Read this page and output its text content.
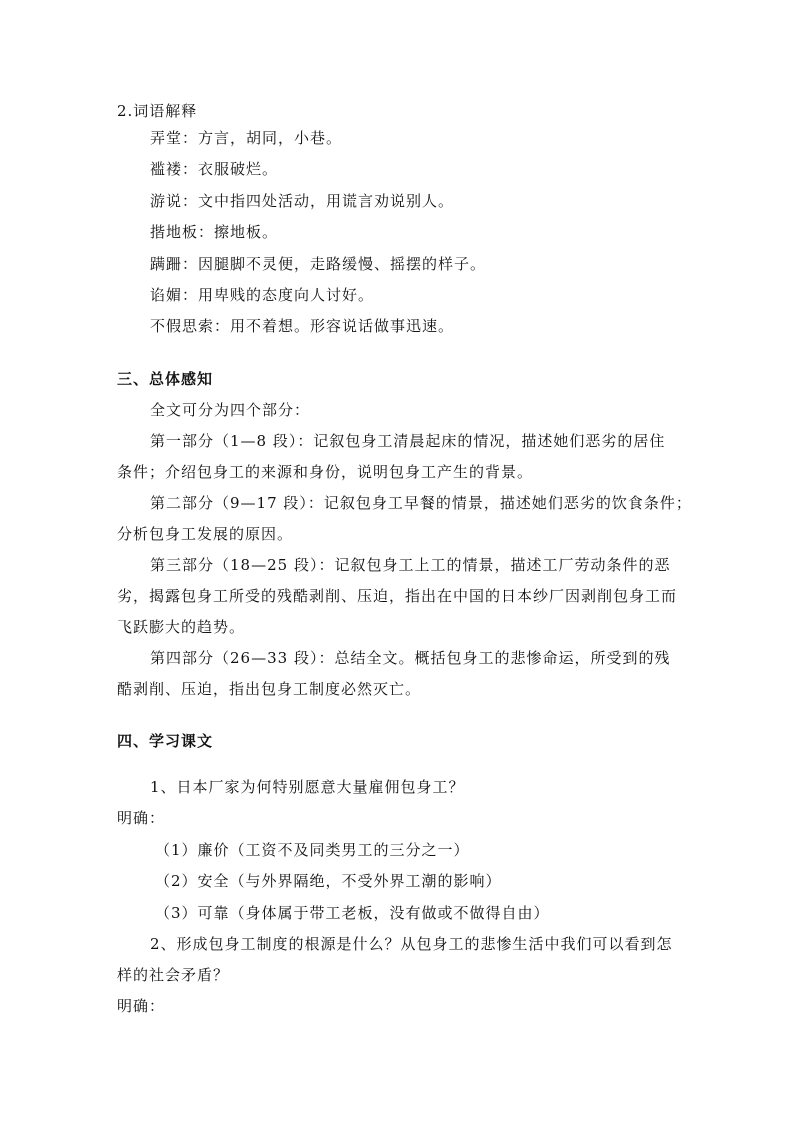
2.词语解释
弄堂：方言，胡同，小巷。
褴褛：衣服破烂。
游说：文中指四处活动，用谎言劝说别人。
揩地板：擦地板。
蹒跚：因腿脚不灵便，走路缓慢、摇摆的样子。
谄媚：用卑贱的态度向人讨好。
不假思索：用不着想。形容说话做事迅速。
三、总体感知
全文可分为四个部分：
第一部分（1—8 段）：记叙包身工清晨起床的情况，描述她们恶劣的居住
条件；介绍包身工的来源和身份，说明包身工产生的背景。
第二部分（9—17 段）：记叙包身工早餐的情景，描述她们恶劣的饮食条件；
分析包身工发展的原因。
第三部分（18—25 段）：记叙包身工上工的情景，描述工厂劳动条件的恶
劣，揭露包身工所受的残酷剥削、压迫，指出在中国的日本纱厂因剥削包身工而
飞跃膨大的趋势。
第四部分（26—33 段）：总结全文。概括包身工的悲惨命运，所受到的残
酷剥削、压迫，指出包身工制度必然灭亡。
四、学习课文
1、日本厂家为何特别愿意大量雇佣包身工？
明确：
（1）廉价（工资不及同类男工的三分之一）
（2）安全（与外界隔绝，不受外界工潮的影响）
（3）可靠（身体属于带工老板，没有做或不做得自由）
2、形成包身工制度的根源是什么？从包身工的悲惨生活中我们可以看到怎
样的社会矛盾？
明确：
